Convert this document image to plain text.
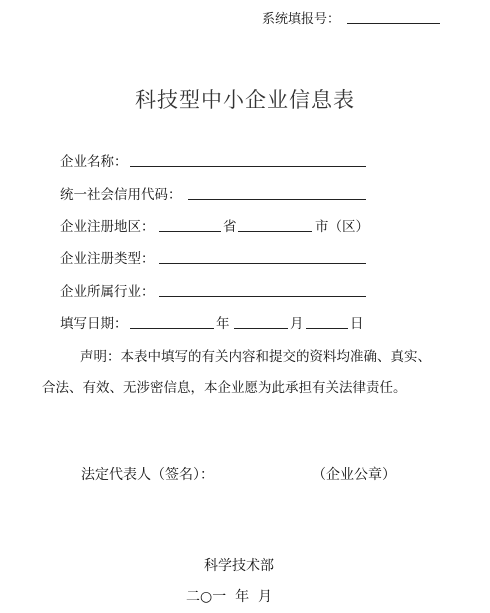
系统填报号：
科技型中小企业信息表
企业名称：
统一社会信用代码：
企业注册地区：	省	市（区）
企业注册类型：
企业所属行业：
填写日期：	年	月	日
声明：本表中填写的有关内容和提交的资料均准确、真实、
合法、有效、无涉密信息，本企业愿为此承担有关法律责任。
法定代表人（签名）：	（企业公章）
科学技术部
二○一  年  月
